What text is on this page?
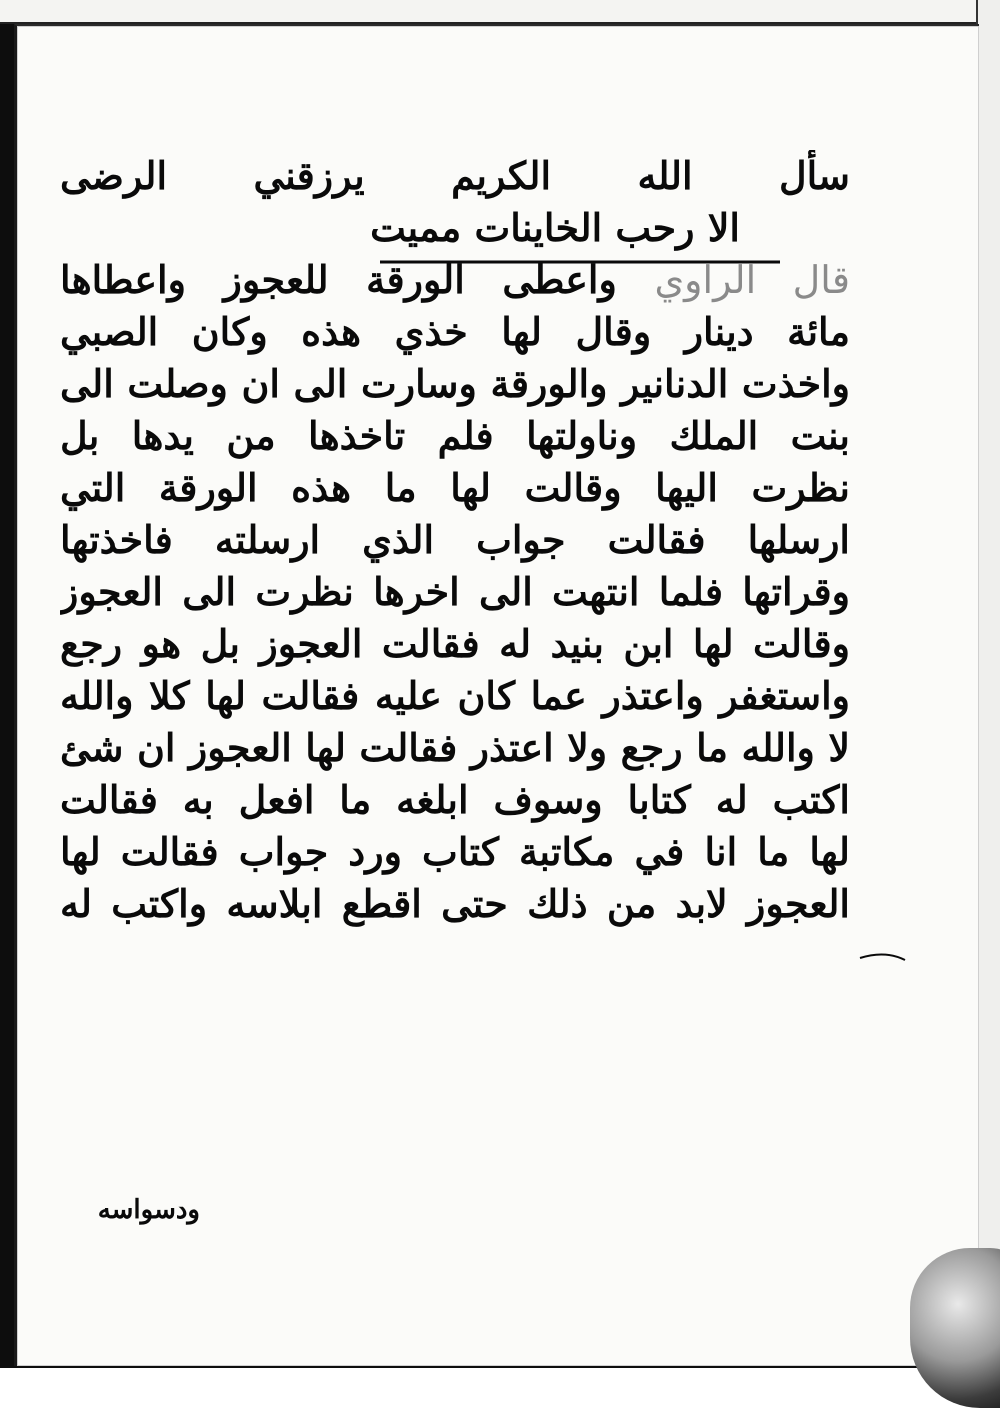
سأل الله الكريم يرزقني الرضى
الا رحب الخاينات مميت
قال الراوي واعطى الورقة للعجوز واعطاها
مائة دينار وقال لها خذي هذه وكان الصبي
واخذت الدنانير والورقة وسارت الى ان وصلت الى
بنت الملك وناولتها فلم تاخذها من يدها بل
نظرت اليها وقالت لها ما هذه الورقة التي
ارسلها فقالت جواب الذي ارسلته فاخذتها
وقراتها فلما انتهت الى اخرها نظرت الى العجوز
وقالت لها ابن بنيد له فقالت العجوز بل هو رجع
واستغفر واعتذر عما كان عليه فقالت لها كلا والله
لا والله ما رجع ولا اعتذر فقالت لها العجوز ان شئ
اكتب له كتابا وسوف ابلغه ما افعل به فقالت
لها ما انا في مكاتبة كتاب ورد جواب فقالت لها
العجوز لابد من ذلك حتى اقطع ابلاسه واكتب له
ودسواسه
